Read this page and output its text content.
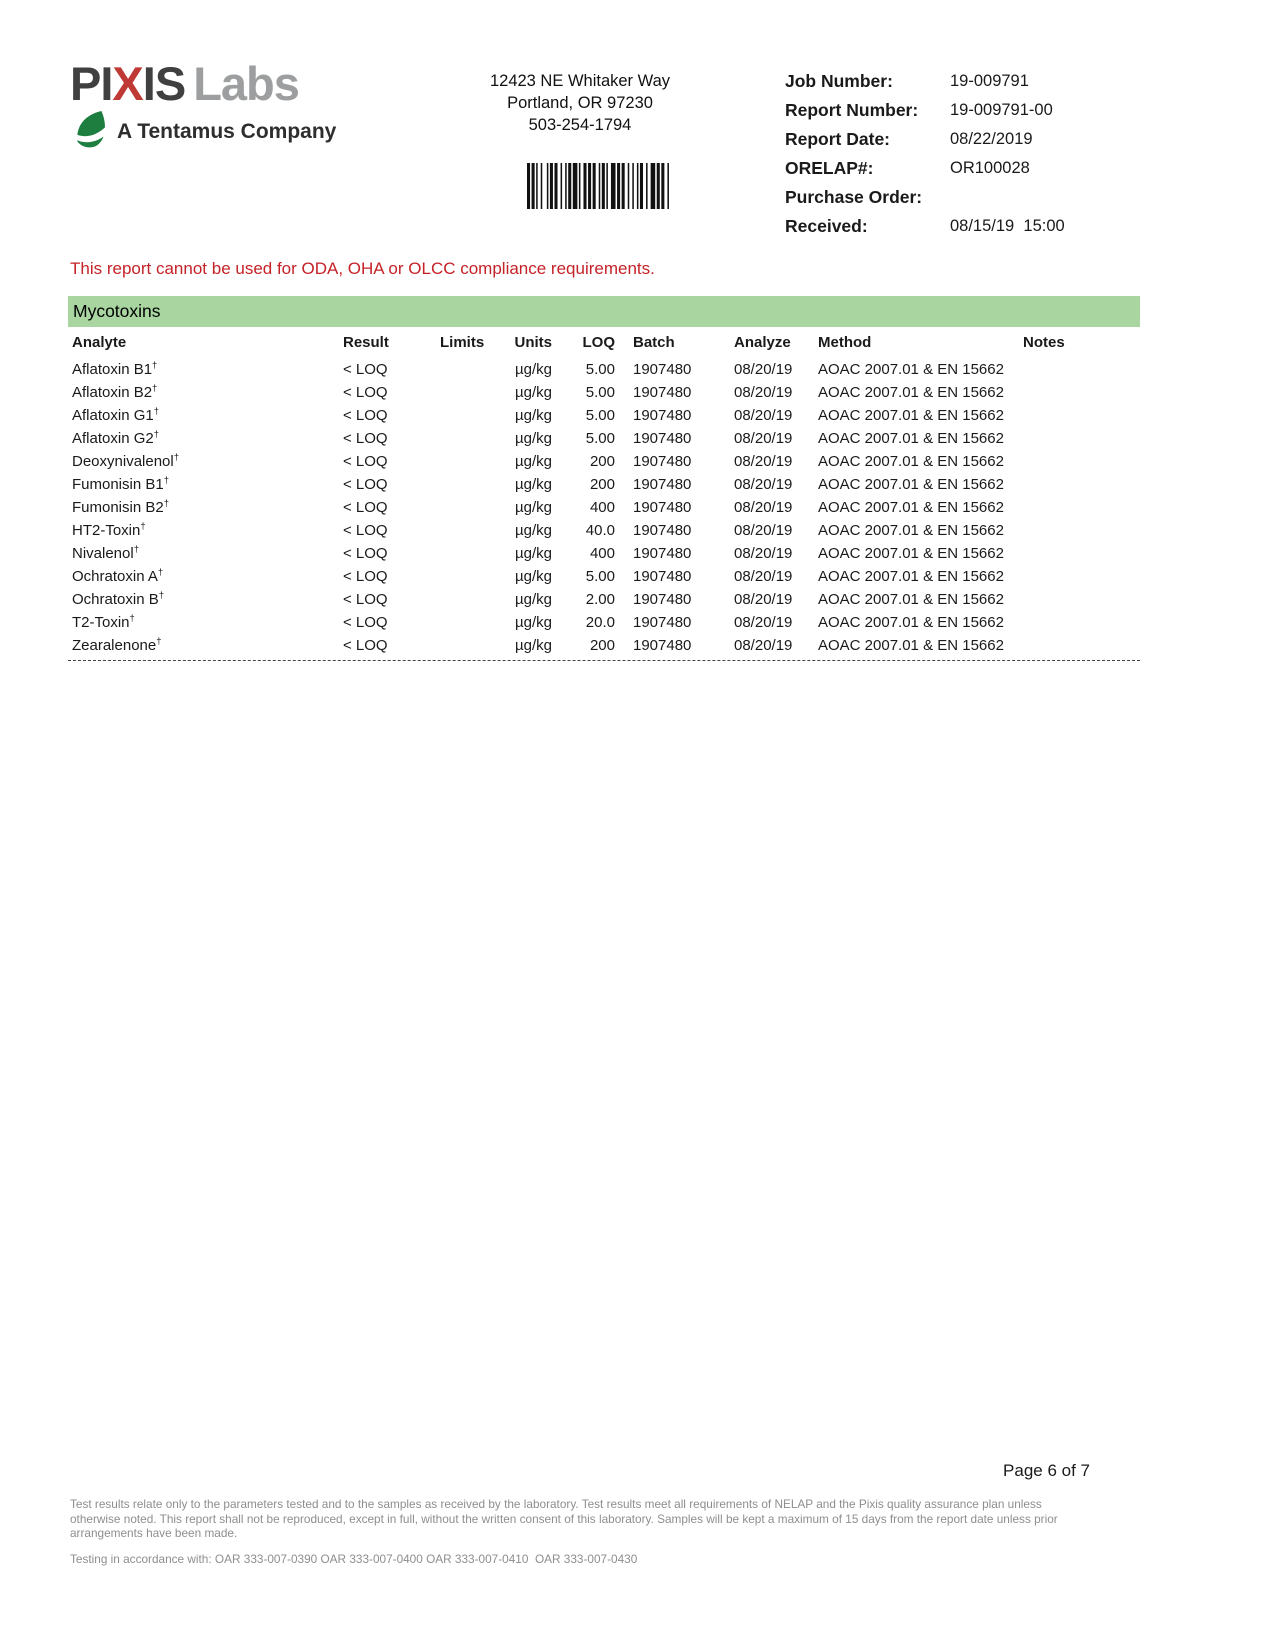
PIXIS Labs
A Tentamus Company
12423 NE Whitaker Way
Portland, OR 97230
503-254-1794
Job Number:	19-009791
Report Number:	19-009791-00
Report Date:	08/22/2019
ORELAP#:	OR100028
Purchase Order:
Received:	08/15/19  15:00
This report cannot be used for ODA, OHA or OLCC compliance requirements.
Mycotoxins
Analyte	Result	Limits	Units	LOQ	Batch	Analyze	Method	Notes
Aflatoxin B1†	< LOQ		µg/kg	5.00	1907480	08/20/19	AOAC 2007.01 & EN 15662	
Aflatoxin B2†	< LOQ		µg/kg	5.00	1907480	08/20/19	AOAC 2007.01 & EN 15662	
Aflatoxin G1†	< LOQ		µg/kg	5.00	1907480	08/20/19	AOAC 2007.01 & EN 15662	
Aflatoxin G2†	< LOQ		µg/kg	5.00	1907480	08/20/19	AOAC 2007.01 & EN 15662	
Deoxynivalenol†	< LOQ		µg/kg	200	1907480	08/20/19	AOAC 2007.01 & EN 15662	
Fumonisin B1†	< LOQ		µg/kg	200	1907480	08/20/19	AOAC 2007.01 & EN 15662	
Fumonisin B2†	< LOQ		µg/kg	400	1907480	08/20/19	AOAC 2007.01 & EN 15662	
HT2-Toxin†	< LOQ		µg/kg	40.0	1907480	08/20/19	AOAC 2007.01 & EN 15662	
Nivalenol†	< LOQ		µg/kg	400	1907480	08/20/19	AOAC 2007.01 & EN 15662	
Ochratoxin A†	< LOQ		µg/kg	5.00	1907480	08/20/19	AOAC 2007.01 & EN 15662	
Ochratoxin B†	< LOQ		µg/kg	2.00	1907480	08/20/19	AOAC 2007.01 & EN 15662	
T2-Toxin†	< LOQ		µg/kg	20.0	1907480	08/20/19	AOAC 2007.01 & EN 15662	
Zearalenone†	< LOQ		µg/kg	200	1907480	08/20/19	AOAC 2007.01 & EN 15662	
Page 6 of 7
Test results relate only to the parameters tested and to the samples as received by the laboratory. Test results meet all requirements of NELAP and the Pixis quality assurance plan unless otherwise noted. This report shall not be reproduced, except in full, without the written consent of this laboratory. Samples will be kept a maximum of 15 days from the report date unless prior arrangements have been made.
Testing in accordance with: OAR 333-007-0390 OAR 333-007-0400 OAR 333-007-0410  OAR 333-007-0430
